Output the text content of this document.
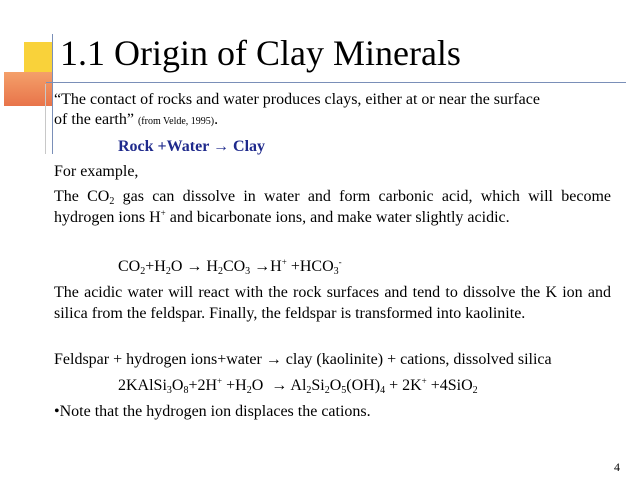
1.1 Origin of Clay Minerals

“The contact of rocks and water produces clays, either at or near the surface

of the earth” (from Velde, 1995).

Rock +Water → Clay

For example,

The $CO_2$ gas can dissolve in water and form carbonic acid, which will become hydrogen ions H+ and bicarbonate ions, and make water slightly acidic.

$CO_2+H_2O \to H_2CO_3 \to H^+ +HCO_3^-$

The acidic water will react with the rock surfaces and tend to dissolve the K ion and silica from the feldspar. Finally, the feldspar is transformed into kaolinite.

Feldspar + hydrogen ions+water → clay (kaolinite) + cations, dissolved silica

$2KAlSi_3O_8+2H^+ +H_2O \to Al_2Si_2O_5(OH)_4 + 2K^+ +4SiO_2$

•Note that the hydrogen ion displaces the cations.

4
